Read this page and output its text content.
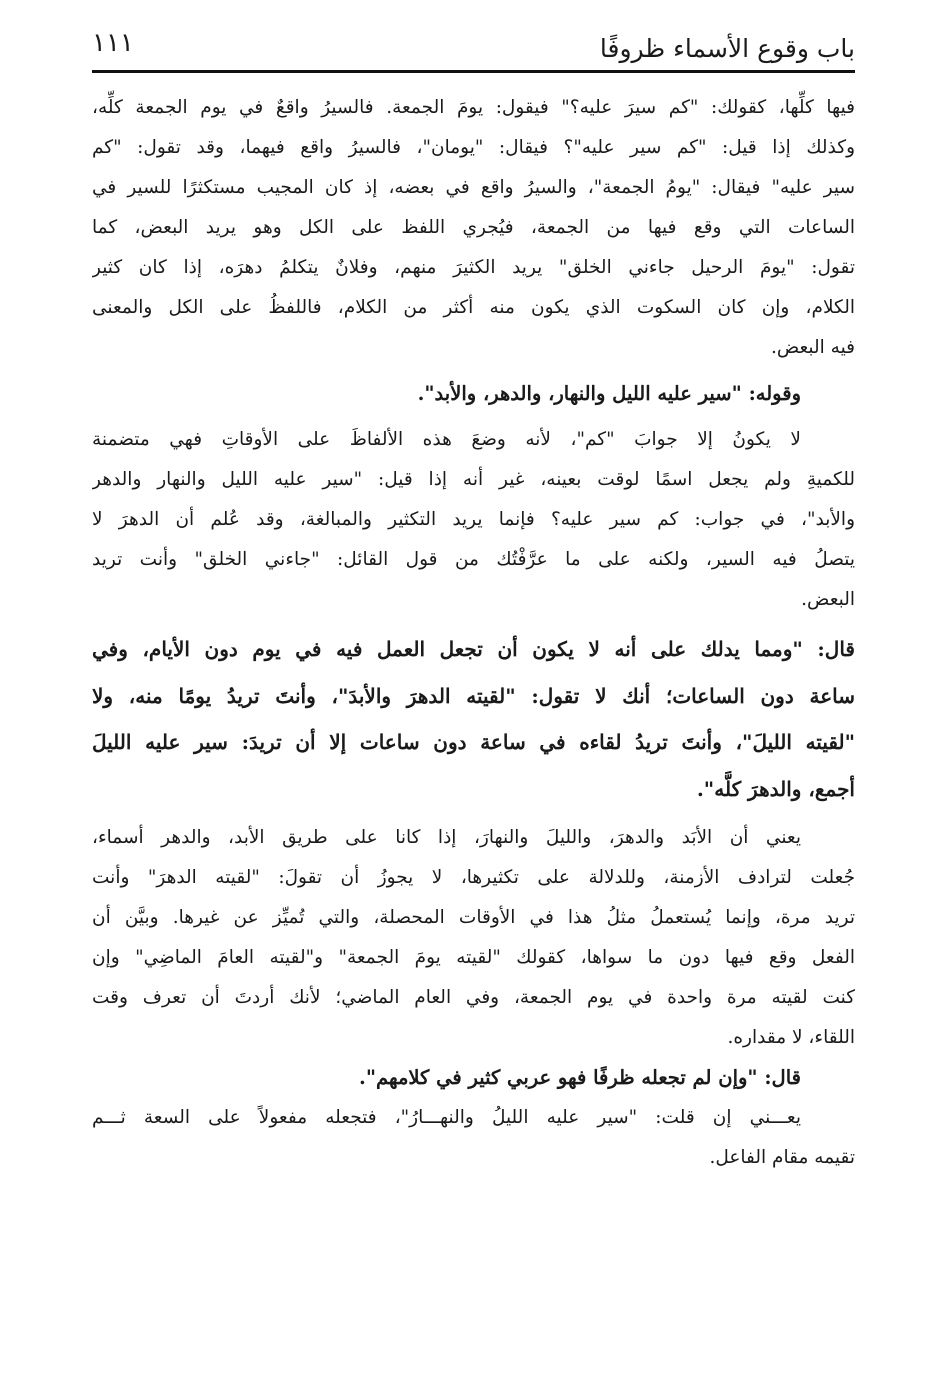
باب وقوع الأسماء ظروفًا
١١١
فيها كلِّها، كقولك: "كم سيرَ عليه؟" فيقول: يومَ الجمعة. فالسيرُ واقعٌ في يوم الجمعة كلِّه،
وكذلك إذا قيل: "كم سير عليه"؟ فيقال: "يومان"، فالسيرُ واقع فيهما، وقد تقول: "كم
سير عليه" فيقال: "يومُ الجمعة"، والسيرُ واقع في بعضه، إذ كان المجيب مستكثرًا للسير في
الساعات التي وقع فيها من الجمعة، فيُجري اللفظ على الكل وهو يريد البعض، كما
تقول: "يومَ الرحيل جاءني الخلق" يريد الكثيرَ منهم، وفلانٌ يتكلمُ دهرَه، إذا كان كثير
الكلام، وإن كان السكوت الذي يكون منه أكثر من الكلام، فاللفظُ على الكل والمعنى
فيه البعض.
وقوله: "سير عليه الليل والنهار، والدهر، والأبد".
لا يكونُ إلا جوابَ "كم"، لأنه وضعَ هذه الألفاظَ على الأوقاتِ فهي متضمنة
للكميةِ ولم يجعل اسمًا لوقت بعينه، غير أنه إذا قيل: "سير عليه الليل والنهار والدهر
والأبد"، في جواب: كم سير عليه؟ فإنما يريد التكثير والمبالغة، وقد عُلم أن الدهرَ لا
يتصلُ فيه السير، ولكنه على ما عرَّفْتُك من قول القائل: "جاءني الخلق" وأنت تريد
البعض.
قال: "ومما يدلك على أنه لا يكون أن تجعل العمل فيه في يوم دون الأيام، وفي
ساعة دون الساعات؛ أنك لا تقول: "لقيته الدهرَ والأبدَ"، وأنتَ تريدُ يومًا منه، ولا
"لقيته الليلَ"، وأنتَ تريدُ لقاءه في ساعة دون ساعات إلا أن تريدَ: سير عليه الليلَ
أجمع، والدهرَ كلَّه".
يعني أن الأبَد والدهرَ، والليلَ والنهارَ، إذا كانا على طريق الأبد، والدهر أسماء،
جُعلت لترادف الأزمنة، وللدلالة على تكثيرها، لا يجوزُ أن تقولَ: "لقيته الدهرَ" وأنت
تريد مرة، وإنما يُستعملُ مثلُ هذا في الأوقات المحصلة، والتي تُميِّز عن غيرها. وبيَّن أن
الفعل وقع فيها دون ما سواها، كقولك "لقيته يومَ الجمعة" و"لقيته العامَ الماضِي" وإن
كنت لقيته مرة واحدة في يوم الجمعة، وفي العام الماضي؛ لأنك أردتَ أن تعرف وقت
اللقاء، لا مقداره.
قال: "وإن لم تجعله ظرفًا فهو عربي كثير في كلامهم".
يعـــني إن قلت: "سير عليه الليلُ والنهـــارُ"، فتجعله مفعولاً على السعة ثـــم
تقيمه مقام الفاعل.
